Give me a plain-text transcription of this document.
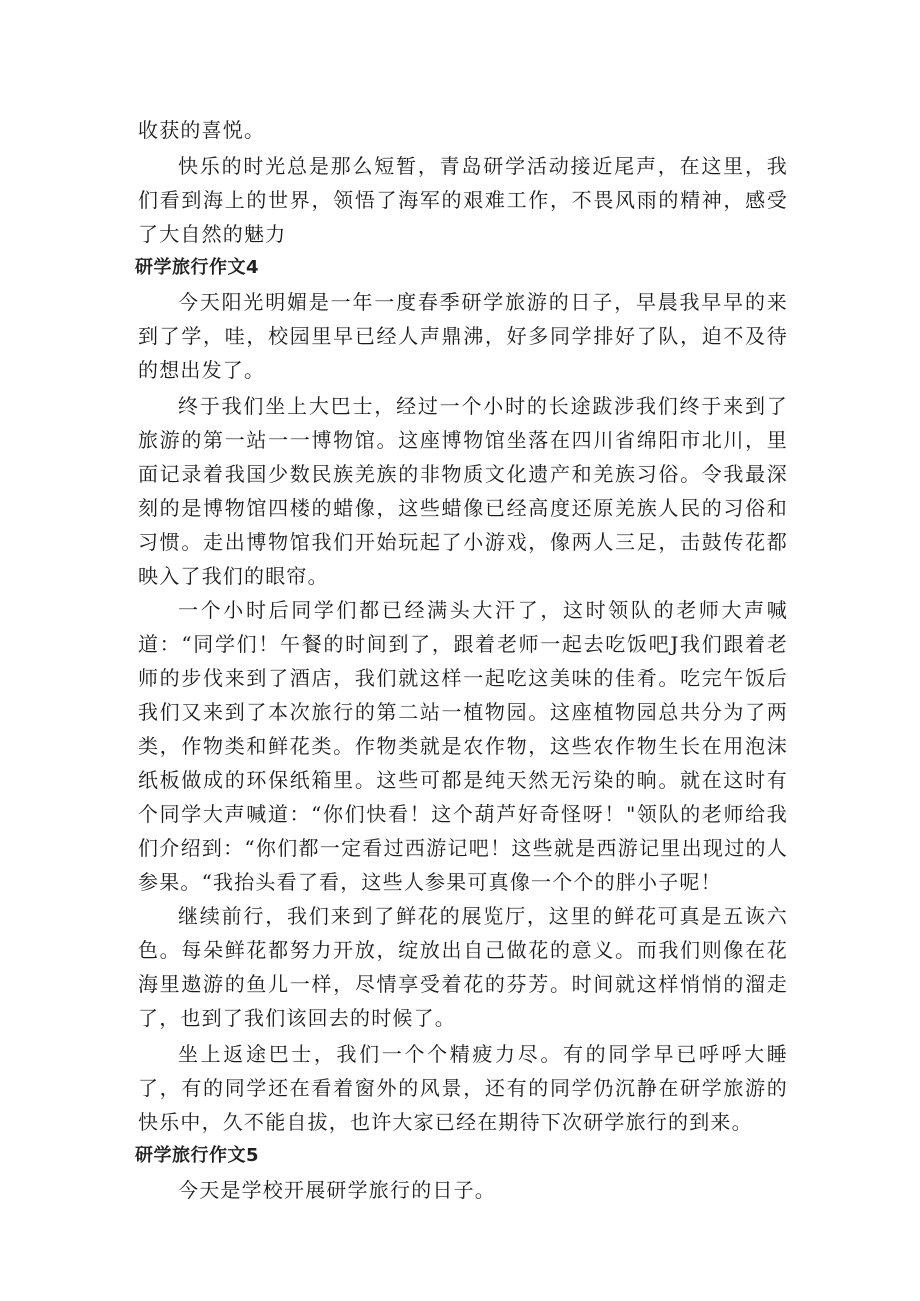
收获的喜悦。

快乐的时光总是那么短暂，青岛研学活动接近尾声，在这里，我们看到海上的世界，领悟了海军的艰难工作，不畏风雨的精神，感受了大自然的魅力

研学旅行作文4

今天阳光明媚是一年一度春季研学旅游的日子，早晨我早早的来到了学，哇，校园里早已经人声鼎沸，好多同学排好了队，迫不及待的想出发了。

终于我们坐上大巴士，经过一个小时的长途跋涉我们终于来到了旅游的第一站一一博物馆。这座博物馆坐落在四川省绵阳市北川，里面记录着我国少数民族羌族的非物质文化遗产和羌族习俗。令我最深刻的是博物馆四楼的蜡像，这些蜡像已经高度还原羌族人民的习俗和习惯。走出博物馆我们开始玩起了小游戏，像两人三足，击鼓传花都映入了我们的眼帘。

一个小时后同学们都已经满头大汗了，这时领队的老师大声喊道：“同学们！午餐的时间到了，跟着老师一起去吃饭吧J我们跟着老师的步伐来到了酒店，我们就这样一起吃这美味的佳肴。吃完午饭后我们又来到了本次旅行的第二站一植物园。这座植物园总共分为了两类，作物类和鲜花类。作物类就是农作物，这些农作物生长在用泡沫纸板做成的环保纸箱里。这些可都是纯天然无污染的晌。就在这时有个同学大声喊道：“你们快看！这个葫芦好奇怪呀！"领队的老师给我们介绍到：“你们都一定看过西游记吧！这些就是西游记里出现过的人参果。“我抬头看了看，这些人参果可真像一个个的胖小子呢！

继续前行，我们来到了鲜花的展览厅，这里的鲜花可真是五诙六色。每朵鲜花都努力开放，绽放出自己做花的意义。而我们则像在花海里遨游的鱼儿一样，尽情享受着花的芬芳。时间就这样悄悄的溜走了，也到了我们该回去的时候了。

坐上返途巴士，我们一个个精疲力尽。有的同学早已呼呼大睡了，有的同学还在看着窗外的风景，还有的同学仍沉静在研学旅游的快乐中，久不能自拔，也许大家已经在期待下次研学旅行的到来。

研学旅行作文5

今天是学校开展研学旅行的日子。
